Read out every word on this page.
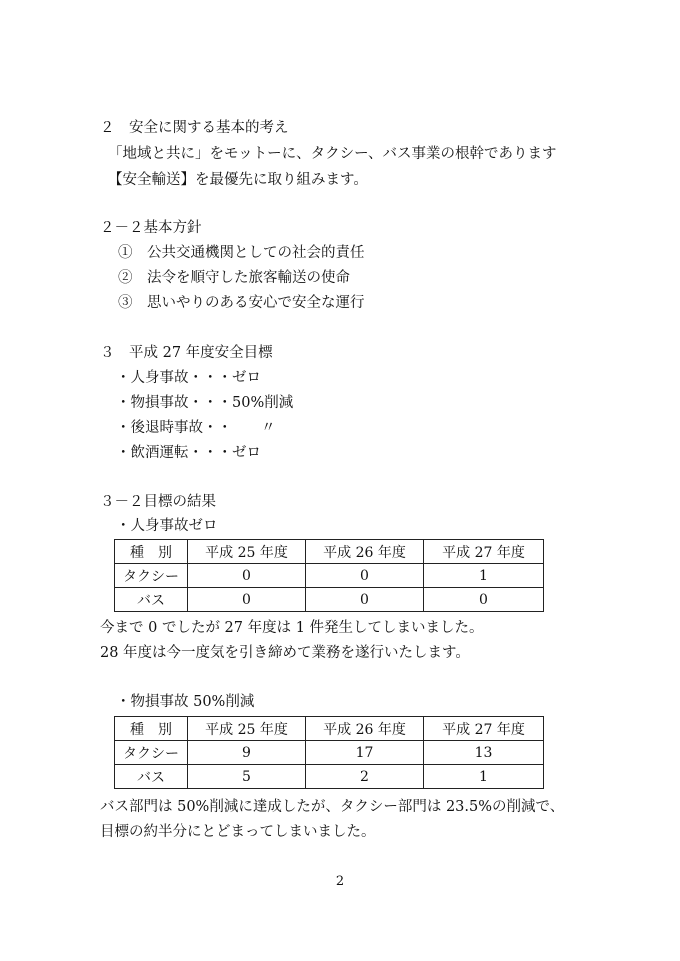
２　安全に関する基本的考え
「地域と共に」をモットーに、タクシー、バス事業の根幹であります
【安全輸送】を最優先に取り組みます。
２－２基本方針
①　公共交通機関としての社会的責任
②　法令を順守した旅客輸送の使命
③　思いやりのある安心で安全な運行
３　平成 27 年度安全目標
・人身事故・・・ゼロ
・物損事故・・・50%削減
・後退時事故・・　　〃
・飲酒運転・・・ゼロ
３－２目標の結果
・人身事故ゼロ
種　別	平成 25 年度	平成 26 年度	平成 27 年度
タクシー	0	0	1
バス	0	0	0
今まで 0 でしたが 27 年度は 1 件発生してしまいました。
28 年度は今一度気を引き締めて業務を遂行いたします。
・物損事故 50%削減
種　別	平成 25 年度	平成 26 年度	平成 27 年度
タクシー	9	17	13
バス	5	2	1
バス部門は 50%削減に達成したが、タクシー部門は 23.5%の削減で、
目標の約半分にとどまってしまいました。
2
